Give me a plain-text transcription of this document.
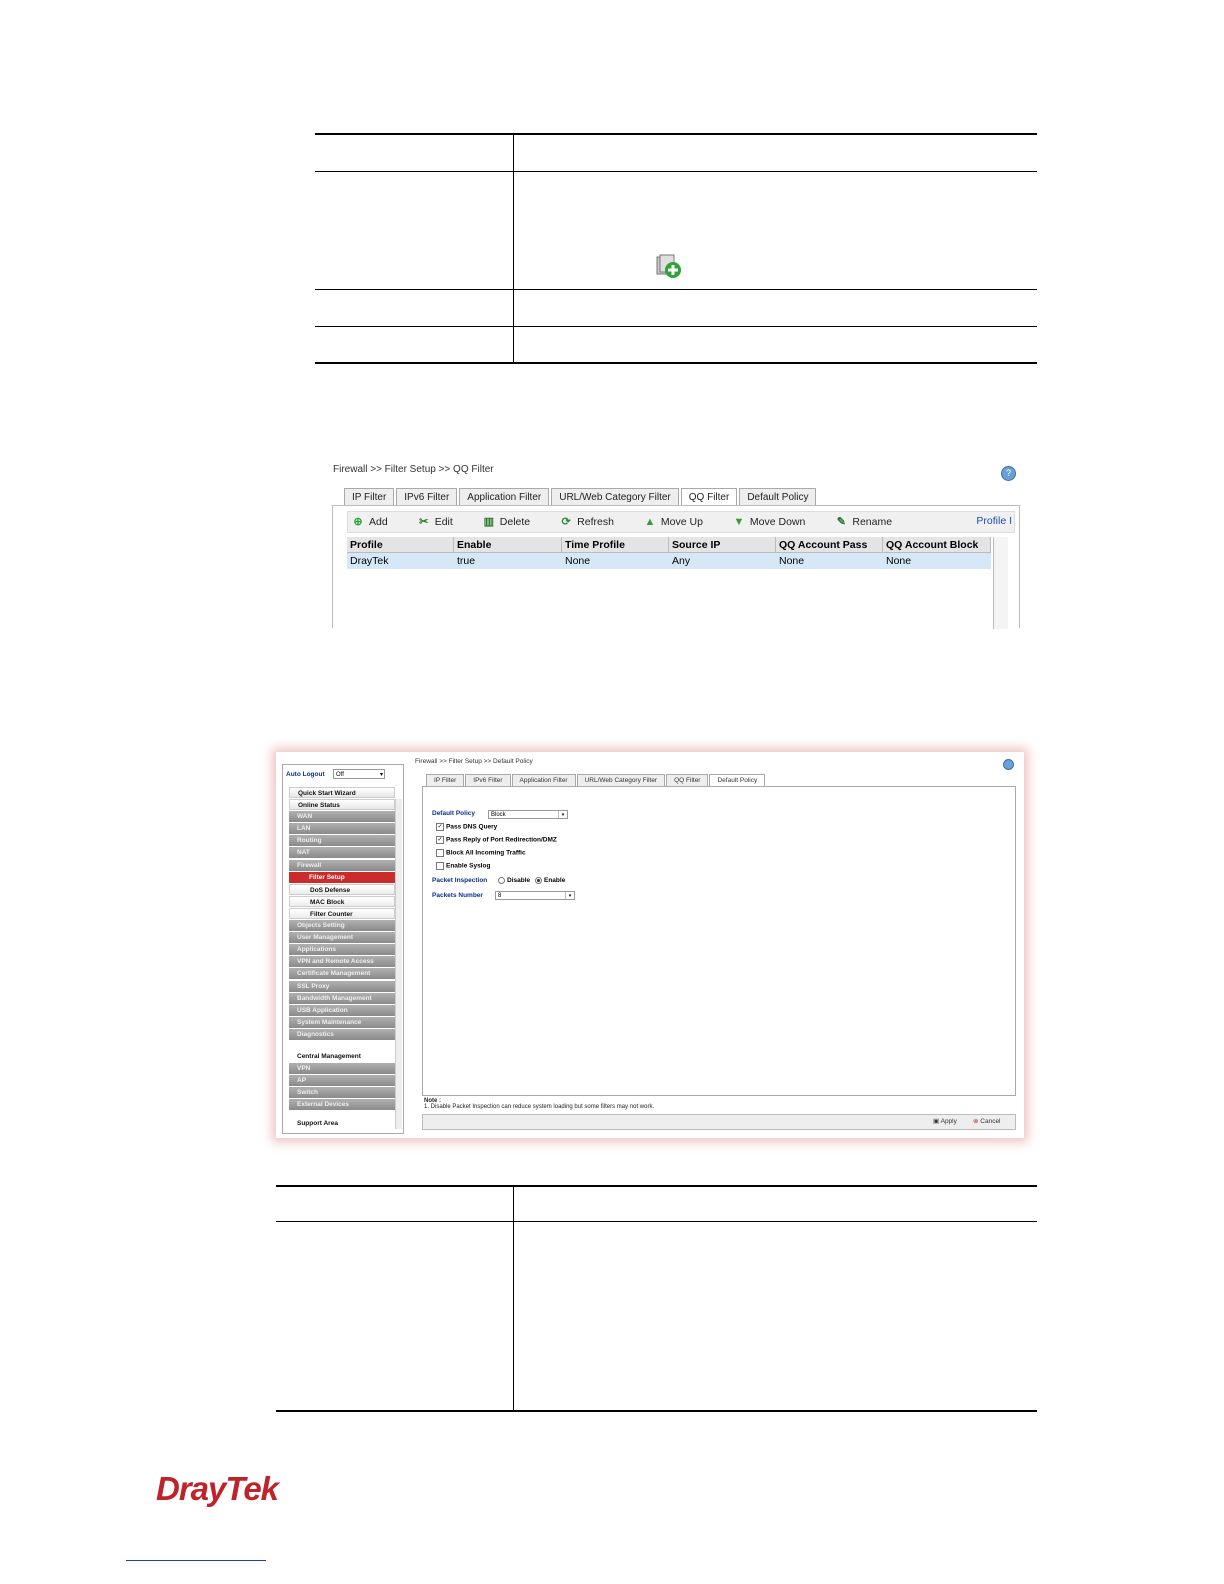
Firewall >> Filter Setup >> QQ Filter	?
IP Filter	IPv6 Filter	Application Filter	URL/Web Category Filter	QQ Filter	Default Policy
⊕ Add	✂ Edit	▥ Delete	⟳ Refresh	▲ Move Up	▼ Move Down	✎ Rename	Profile I
Profile	Enable	Time Profile	Source IP	QQ Account Pass	QQ Account Block
DrayTek	true	None	Any	None	None
Auto Logout	Off	▾
Quick Start Wizard
Online Status
WAN
LAN
Routing
NAT
Firewall
Filter Setup
DoS Defense
MAC Block
Filter Counter
Objects Setting
User Management
Applications
VPN and Remote Access
Certificate Management
SSL Proxy
Bandwidth Management
USB Application
System Maintenance
Diagnostics
Central Management
VPN
AP
Switch
External Devices
Support Area
Firewall >> Filter Setup >> Default Policy
IP Filter	IPv6 Filter	Application Filter	URL/Web Category Filter	QQ Filter	Default Policy
Default Policy	Block	▾
✓ Pass DNS Query
✓ Pass Reply of Port Redirection/DMZ
Block All Incoming Traffic
Enable Syslog
Packet Inspection	Disable	Enable
Packets Number	8	▾
Note :
1. Disable Packet Inspection can reduce system loading but some filters may not work.
▣ Apply ⊗ Cancel
DrayTek
